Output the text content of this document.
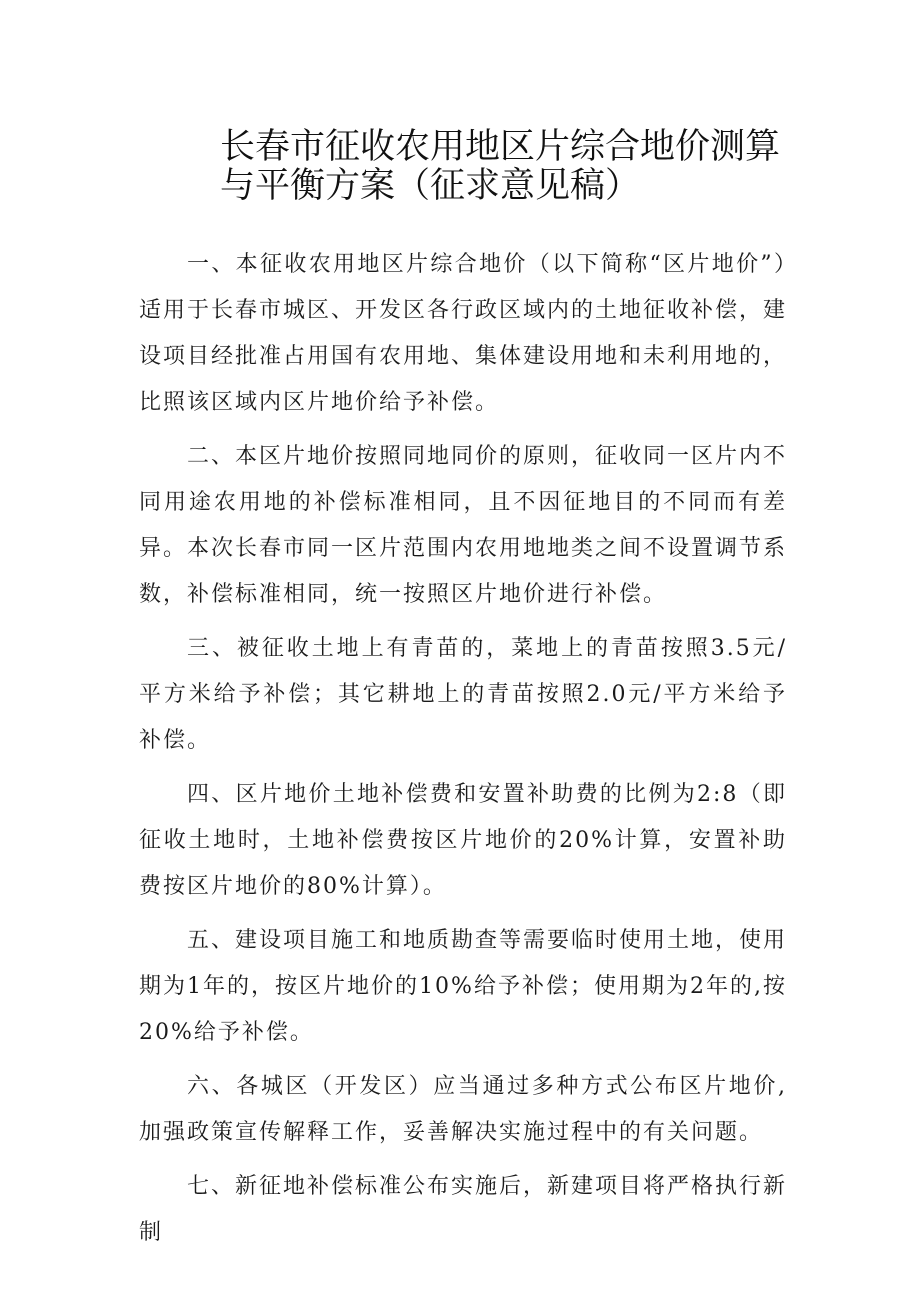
长春市征收农用地区片综合地价测算与平衡方案（征求意见稿）

一、本征收农用地区片综合地价（以下简称“区片地价”）适用于长春市城区、开发区各行政区域内的土地征收补偿，建设项目经批准占用国有农用地、集体建设用地和未利用地的，比照该区域内区片地价给予补偿。

二、本区片地价按照同地同价的原则，征收同一区片内不同用途农用地的补偿标准相同，且不因征地目的不同而有差异。本次长春市同一区片范围内农用地地类之间不设置调节系数，补偿标准相同，统一按照区片地价进行补偿。

三、被征收土地上有青苗的，菜地上的青苗按照3.5元/平方米给予补偿；其它耕地上的青苗按照2.0元/平方米给予补偿。

四、区片地价土地补偿费和安置补助费的比例为2:8（即征收土地时，土地补偿费按区片地价的20%计算，安置补助费按区片地价的80%计算）。

五、建设项目施工和地质勘查等需要临时使用土地，使用期为1年的，按区片地价的10%给予补偿；使用期为2年的,按20%给予补偿。

六、各城区（开发区）应当通过多种方式公布区片地价,加强政策宣传解释工作，妥善解决实施过程中的有关问题。

七、新征地补偿标准公布实施后，新建项目将严格执行新制
